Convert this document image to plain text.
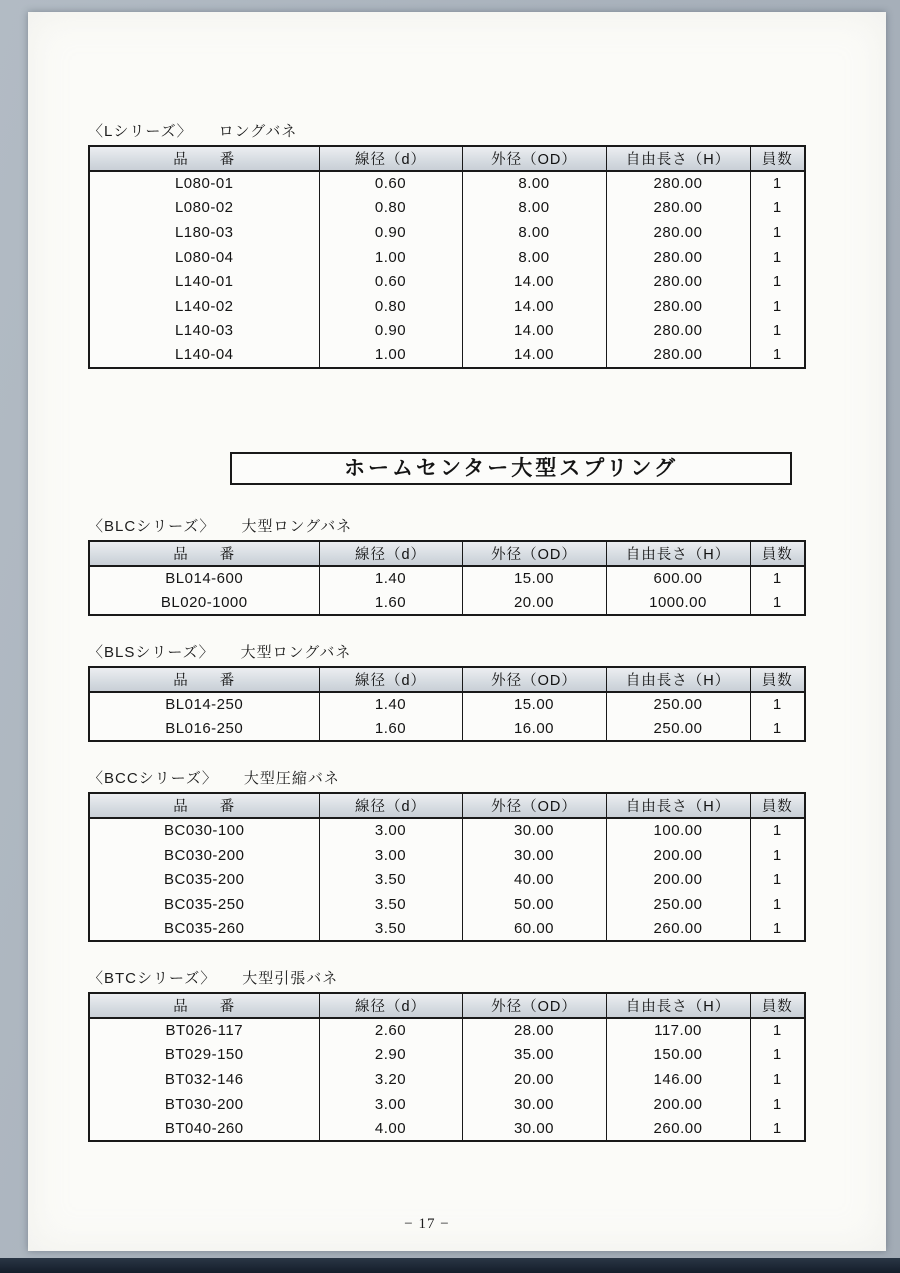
〈Lシリーズ〉 ロングバネ
品　　番	線径（d）	外径（OD）	自由長さ（H）	員数
L080-01	0.60	8.00	280.00	1
L080-02	0.80	8.00	280.00	1
L180-03	0.90	8.00	280.00	1
L080-04	1.00	8.00	280.00	1
L140-01	0.60	14.00	280.00	1
L140-02	0.80	14.00	280.00	1
L140-03	0.90	14.00	280.00	1
L140-04	1.00	14.00	280.00	1
ホームセンター大型スプリング
〈BLCシリーズ〉 大型ロングバネ
品　　番	線径（d）	外径（OD）	自由長さ（H）	員数
BL014-600	1.40	15.00	600.00	1
BL020-1000	1.60	20.00	1000.00	1
〈BLSシリーズ〉 大型ロングバネ
品　　番	線径（d）	外径（OD）	自由長さ（H）	員数
BL014-250	1.40	15.00	250.00	1
BL016-250	1.60	16.00	250.00	1
〈BCCシリーズ〉 大型圧縮バネ
品　　番	線径（d）	外径（OD）	自由長さ（H）	員数
BC030-100	3.00	30.00	100.00	1
BC030-200	3.00	30.00	200.00	1
BC035-200	3.50	40.00	200.00	1
BC035-250	3.50	50.00	250.00	1
BC035-260	3.50	60.00	260.00	1
〈BTCシリーズ〉 大型引張バネ
品　　番	線径（d）	外径（OD）	自由長さ（H）	員数
BT026-117	2.60	28.00	117.00	1
BT029-150	2.90	35.00	150.00	1
BT032-146	3.20	20.00	146.00	1
BT030-200	3.00	30.00	200.00	1
BT040-260	4.00	30.00	260.00	1
− 17 −
